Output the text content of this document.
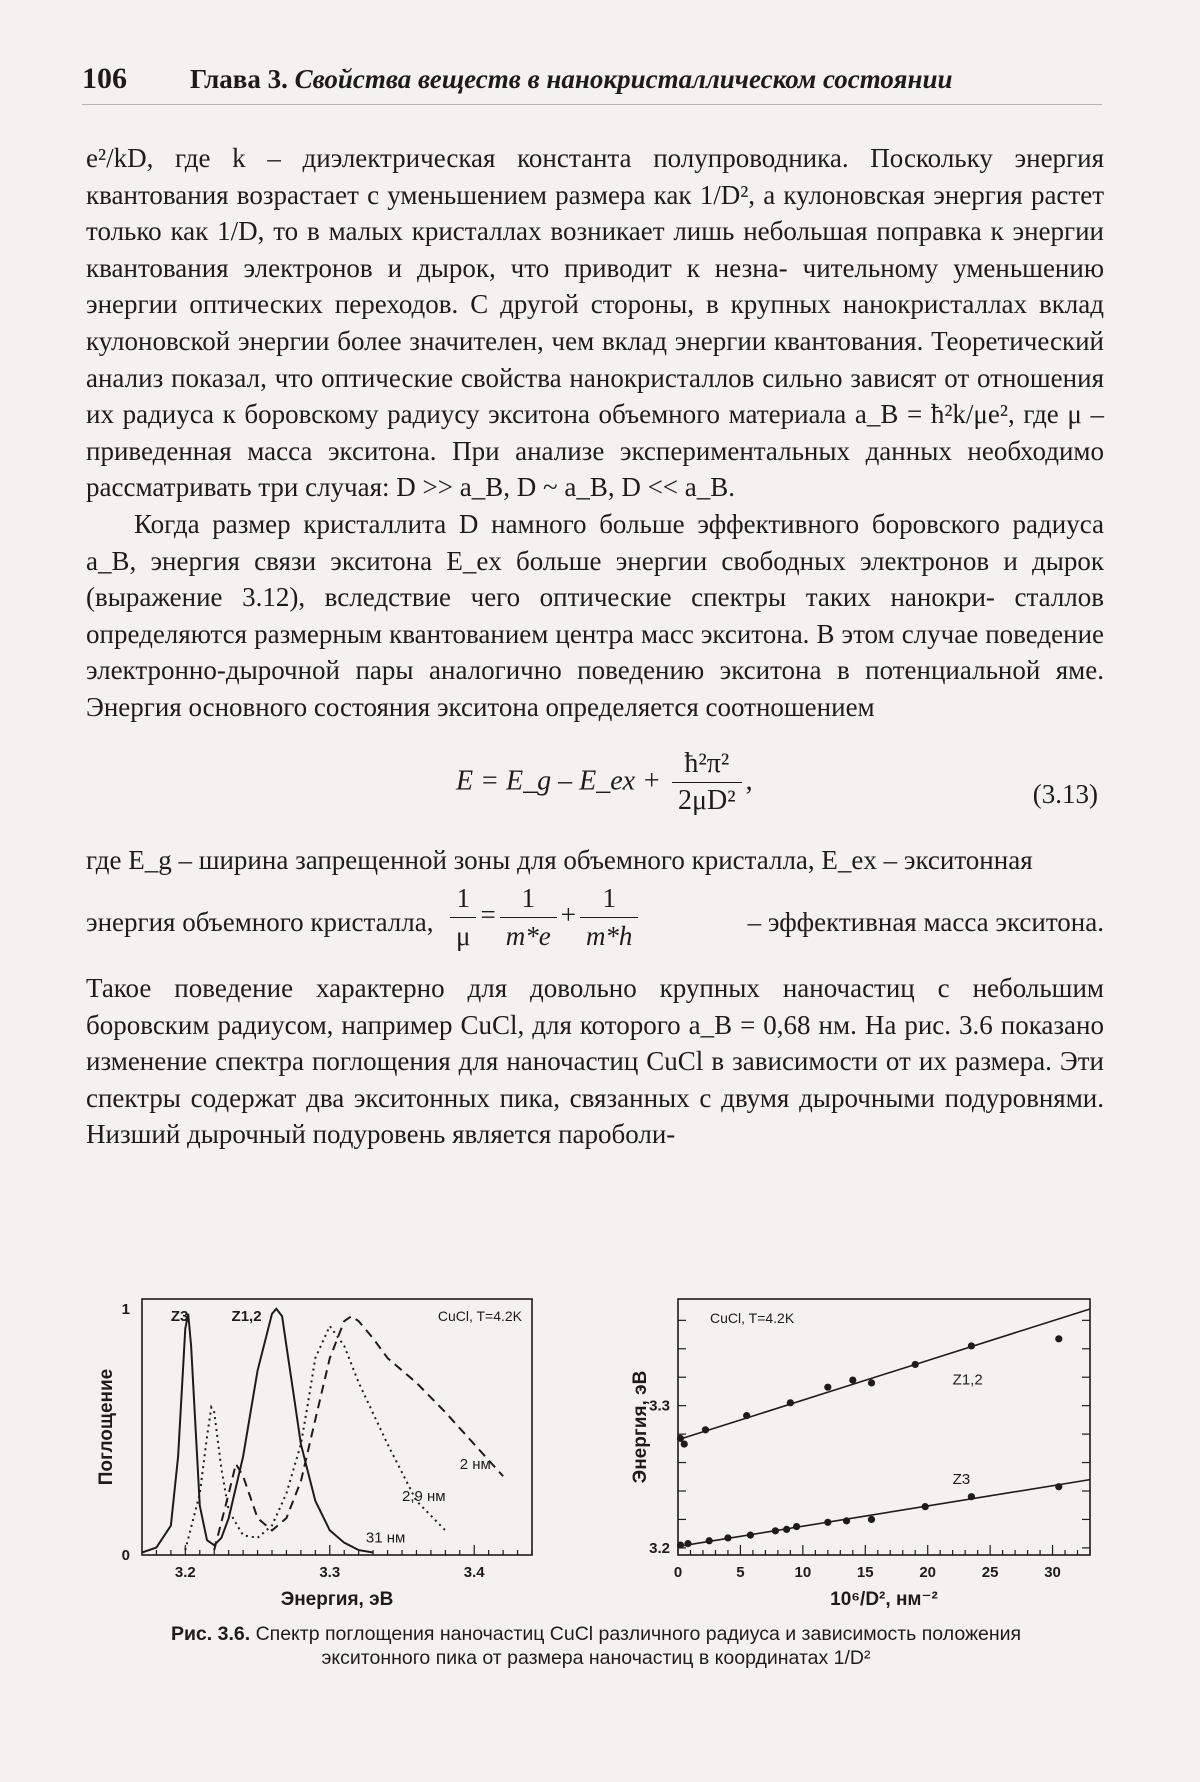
106 Глава 3. Свойства веществ в нанокристаллическом состоянии

e²/kD, где k – диэлектрическая константа полупроводника. Поскольку энергия квантования возрастает с уменьшением размера как 1/D², а кулоновская энергия растет только как 1/D, то в малых кристаллах возникает лишь небольшая поправка к энергии квантования электронов и дырок, что приводит к незна- чительному уменьшению энергии оптических переходов. С другой стороны, в крупных нанокристаллах вклад кулоновской энергии более значителен, чем вклад энергии квантования. Теоретический анализ показал, что оптические свойства нанокристаллов сильно зависят от отношения их радиуса к боровскому радиусу экситона объемного материала a_B = ħ²k/μe², где μ – приведенная масса экситона. При анализе экспериментальных данных необходимо рассматривать три случая: D >> a_B, D ~ a_B, D << a_B.

Когда размер кристаллита D намного больше эффективного боровского радиуса a_B, энергия связи экситона E_ex больше энергии свободных электронов и дырок (выражение 3.12), вследствие чего оптические спектры таких нанокри- сталлов определяются размерным квантованием центра масс экситона. В этом случае поведение электронно-дырочной пары аналогично поведению экситона в потенциальной яме. Энергия основного состояния экситона определяется соотношением

E = E_g – E_ex + $\frac{\text{ħ²π²}}{\text{2μD²}}$ ,	(3.13)

где E_g – ширина запрещенной зоны для объемного кристалла, E_ex – экситонная

энергия объемного кристалла, $\frac{1}{\mu} = \frac{1}{m*e} + \frac{1}{m*h}$	– эффективная масса экситона.

Такое поведение характерно для довольно крупных наночастиц с небольшим боровским радиусом, например CuCl, для которого a_B = 0,68 нм. На рис. 3.6 показано изменение спектра поглощения для наночастиц CuCl в зависимости от их размера. Эти спектры содержат два экситонных пика, связанных с двумя дырочными подуровнями. Низший дырочный подуровень является пароболи-

3.2	3.3	3.4
1
0
Энергия, эВ
Поглощение
CuCl, T=4.2K
31 нм
2,9 нм
2 нм
Z3	Z1,2
0	5	10	15	20	25	30
3.2
3.3
10⁶/D², нм⁻²
Энергия, эВ
CuCl, T=4.2K
Z1,2
Z3
Рис. 3.6. Спектр поглощения наночастиц CuCl различного радиуса и зависимость положения
экситонного пика от размера наночастиц в координатах 1/D²
